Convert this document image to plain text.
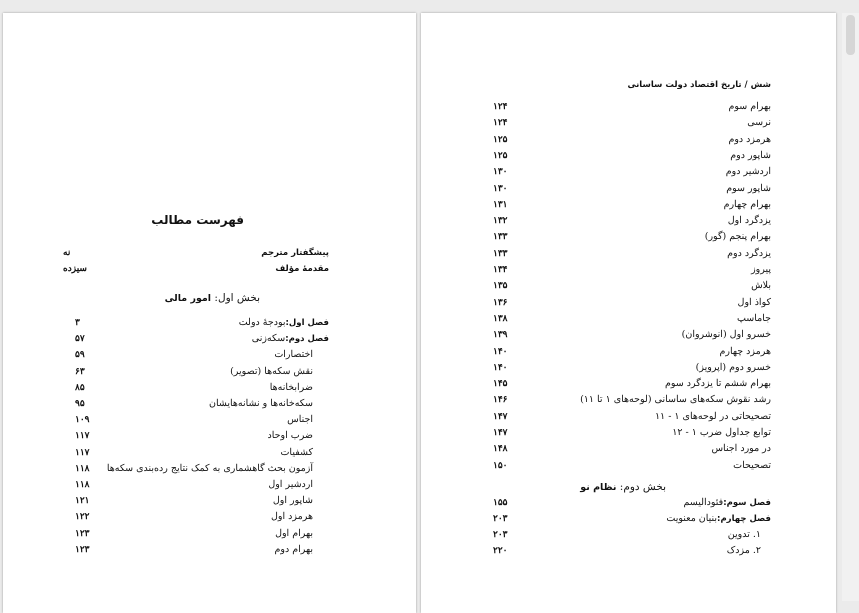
فهرست مطالب
پیشگفتار مترجم
نه
مقدمهٔ مؤلف
سیزده
بخش اول: امور مالی
فصل اول:بودجهٔ دولت
۳
فصل دوم:سکه‌زنی
۵۷
اختصارات
۵۹
نقش سکه‌ها (تصویر)
۶۳
ضرابخانه‌ها
۸۵
سکه‌خانه‌ها و نشانه‌هایشان
۹۵
اجناس
۱۰۹
ضرب اوحاد
۱۱۷
کشفیات
۱۱۷
آزمون بحث گاهشماری به کمک نتایج رده‌بندی سکه‌ها
۱۱۸
اردشیر اول
۱۱۸
شاپور اول
۱۲۱
هرمزد اول
۱۲۲
بهرام اول
۱۲۳
بهرام دوم
۱۲۳
شش / تاریخ اقتصاد دولت ساسانی
بهرام سوم
۱۲۴
نرسی
۱۲۴
هرمزد دوم
۱۲۵
شاپور دوم
۱۲۵
اردشیر دوم
۱۳۰
شاپور سوم
۱۳۰
بهرام چهارم
۱۳۱
یزدگرد اول
۱۳۲
بهرام پنجم (گور)
۱۳۳
یزدگرد دوم
۱۳۳
پیروز
۱۳۴
بلاش
۱۳۵
کواذ اول
۱۳۶
جاماسپ
۱۳۸
خسرو اول (انوشروان)
۱۳۹
هرمزد چهارم
۱۴۰
خسرو دوم (اپرویز)
۱۴۰
بهرام ششم تا یزدگرد سوم
۱۴۵
رشد نقوش سکه‌های ساسانی (لوحه‌های ۱ تا ۱۱)
۱۴۶
تصحیحاتی در لوحه‌های ۱ - ۱۱
۱۴۷
توابع جداول ضرب ۱ - ۱۲
۱۴۷
در مورد اجناس
۱۴۸
تصحیحات
۱۵۰
بخش دوم: نظام نو
فصل سوم:فئودالیسم
۱۵۵
فصل چهارم:بنیان معنویت
۲۰۳
۱. تدوین
۲۰۳
۲. مزدک
۲۲۰
